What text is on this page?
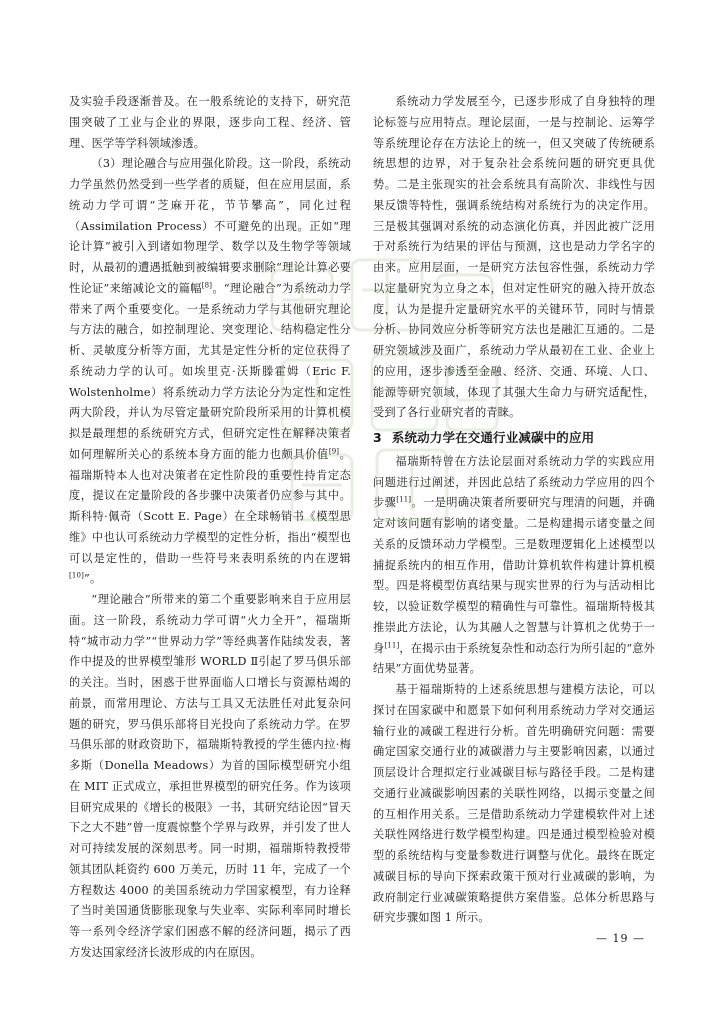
及实验手段逐渐普及。在一般系统论的支持下，研究范围突破了工业与企业的界限，逐步向工程、经济、管理、医学等学科领域渗透。

（3）理论融合与应用强化阶段。这一阶段，系统动力学虽然仍然受到一些学者的质疑，但在应用层面，系统动力学可谓“芝麻开花，节节攀高”，同化过程（Assimilation Process）不可避免的出现。正如“理论计算”被引入到诸如物理学、数学以及生物学等领域时，从最初的遭遇抵触到被编辑要求删除“理论计算必要性论证”来缩减论文的篇幅[8]。“理论融合”为系统动力学带来了两个重要变化。一是系统动力学与其他研究理论与方法的融合，如控制理论、突变理论、结构稳定性分析、灵敏度分析等方面，尤其是定性分析的定位获得了系统动力学的认可。如埃里克·沃斯滕霍姆（Eric F. Wolstenholme）将系统动力学方法论分为定性和定性两大阶段，并认为尽管定量研究阶段所采用的计算机模拟是最理想的系统研究方式，但研究定性在解释决策者如何理解所关心的系统本身方面的能力也颇具价值[9]。福瑞斯特本人也对决策者在定性阶段的重要性持肯定态度，提议在定量阶段的各步骤中决策者仍应参与其中。斯科特·佩奇（Scott E. Page）在全球畅销书《模型思维》中也认可系统动力学模型的定性分析，指出“模型也可以是定性的，借助一些符号来表明系统的内在逻辑[10]”。

“理论融合”所带来的第二个重要影响来自于应用层面。这一阶段，系统动力学可谓“火力全开”，福瑞斯特“城市动力学”“世界动力学”等经典著作陆续发表，著作中提及的世界模型雏形 WORLD Ⅱ引起了罗马俱乐部的关注。当时，困惑于世界面临人口增长与资源枯竭的前景，而常用理论、方法与工具又无法胜任对此复杂问题的研究，罗马俱乐部将目光投向了系统动力学。在罗马俱乐部的财政资助下，福瑞斯特教授的学生德内拉·梅多斯（Donella Meadows）为首的国际模型研究小组在 MIT 正式成立，承担世界模型的研究任务。作为该项目研究成果的《增长的极限》一书，其研究结论因“冒天下之大不韪”曾一度震惊整个学界与政界，并引发了世人对可持续发展的深刻思考。同一时期，福瑞斯特教授带领其团队耗资约 600 万美元，历时 11 年，完成了一个方程数达 4000 的美国系统动力学国家模型，有力诠释了当时美国通货膨胀现象与失业率、实际利率同时增长等一系列令经济学家们困惑不解的经济问题，揭示了西方发达国家经济长波形成的内在原因。

系统动力学发展至今，已逐步形成了自身独特的理论标签与应用特点。理论层面，一是与控制论、运筹学等系统理论存在方法论上的统一，但又突破了传统硬系统思想的边界，对于复杂社会系统问题的研究更具优势。二是主张现实的社会系统具有高阶次、非线性与因果反馈等特性，强调系统结构对系统行为的决定作用。三是极其强调对系统的动态演化仿真，并因此被广泛用于对系统行为结果的评估与预测，这也是动力学名字的由来。应用层面，一是研究方法包容性强，系统动力学以定量研究为立身之本，但对定性研究的融入持开放态度，认为是提升定量研究水平的关键环节，同时与情景分析、协同效应分析等研究方法也是融汇互通的。二是研究领域涉及面广，系统动力学从最初在工业、企业上的应用，逐步渗透至金融、经济、交通、环境、人口、能源等研究领域，体现了其强大生命力与研究适配性，受到了各行业研究者的青睐。

3 系统动力学在交通行业减碳中的应用

福瑞斯特曾在方法论层面对系统动力学的实践应用问题进行过阐述，并因此总结了系统动力学应用的四个步骤[11]。一是明确决策者所要研究与理清的问题，并确定对该问题有影响的诸变量。二是构建揭示诸变量之间关系的反馈环动力学模型。三是数理逻辑化上述模型以捕捉系统内的相互作用，借助计算机软件构建计算机模型。四是将模型仿真结果与现实世界的行为与活动相比较，以验证数学模型的精确性与可靠性。福瑞斯特极其推崇此方法论，认为其融人之智慧与计算机之优势于一身[11]，在揭示由于系统复杂性和动态行为所引起的“意外结果”方面优势显著。

基于福瑞斯特的上述系统思想与建模方法论，可以探讨在国家碳中和愿景下如何利用系统动力学对交通运输行业的减碳工程进行分析。首先明确研究问题：需要确定国家交通行业的减碳潜力与主要影响因素，以通过顶层设计合理拟定行业减碳目标与路径手段。二是构建交通行业减碳影响因素的关联性网络，以揭示变量之间的互相作用关系。三是借助系统动力学建模软件对上述关联性网络进行数学模型构建。四是通过模型检验对模型的系统结构与变量参数进行调整与优化。最终在既定减碳目标的导向下探索政策干预对行业减碳的影响，为政府制定行业减碳策略提供方案借鉴。总体分析思路与研究步骤如图 1 所示。

— 19 —
